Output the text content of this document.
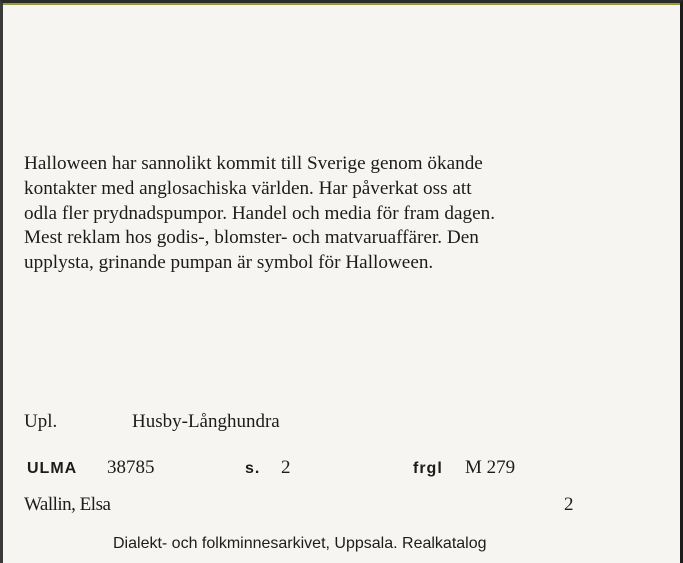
Halloween har sannolikt kommit till Sverige genom ökande
kontakter med anglosachiska världen. Har påverkat oss att
odla fler prydnadspumpor. Handel och media för fram dagen.
Mest reklam hos godis-, blomster- och matvaruaffärer. Den
upplysta, grinande pumpan är symbol för Halloween.
Upl.	Husby-Långhundra
ULMA 38785	s. 2	frgl M 279
Wallin, Elsa	2
Dialekt- och folkminnesarkivet, Uppsala. Realkatalog
